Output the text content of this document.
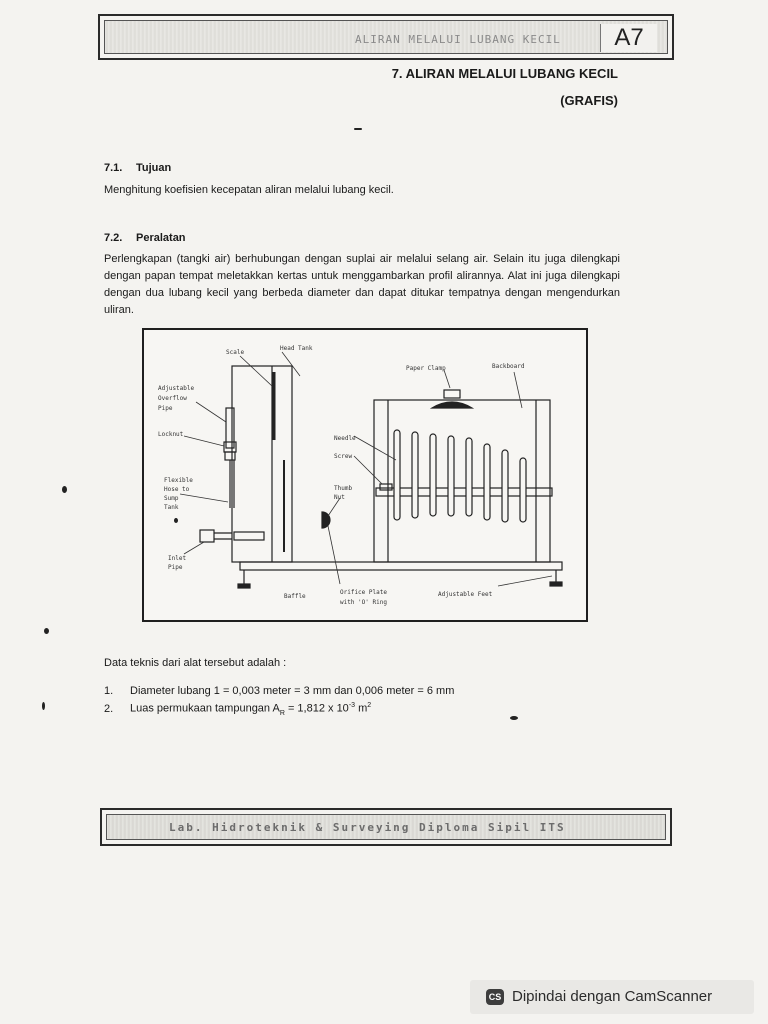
ALIRAN MELALUI LUBANG KECIL	A7
7. ALIRAN MELALUI LUBANG KECIL
(GRAFIS)
7.1. Tujuan
Menghitung koefisien kecepatan aliran melalui lubang kecil.
7.2. Peralatan
Perlengkapan (tangki air) berhubungan dengan suplai air melalui selang air. Selain itu juga dilengkapi dengan papan tempat meletakkan kertas untuk menggambarkan profil alirannya. Alat ini juga dilengkapi dengan dua lubang kecil yang berbeda diameter dan dapat ditukar tempatnya dengan mengendurkan uliran.
Scale
Head Tank
Paper Clamp	Backboard
Adjustable
Overflow
Pipe
Locknut
Needle
Screw
Flexible
Hose to
Sump
Tank
Thumb
Nut
Inlet
Pipe
Baffle
Orifice Plate
with 'O' Ring
Adjustable Feet
Data teknis dari alat tersebut adalah :
1. Diameter lubang 1 = 0,003 meter = 3 mm dan 0,006 meter = 6 mm
2. Luas permukaan tampungan $A_R = 1,812$ x $10^{-3}$ $m^2$
Lab. Hidroteknik & Surveying Diploma Sipil ITS
CS Dipindai dengan CamScanner
